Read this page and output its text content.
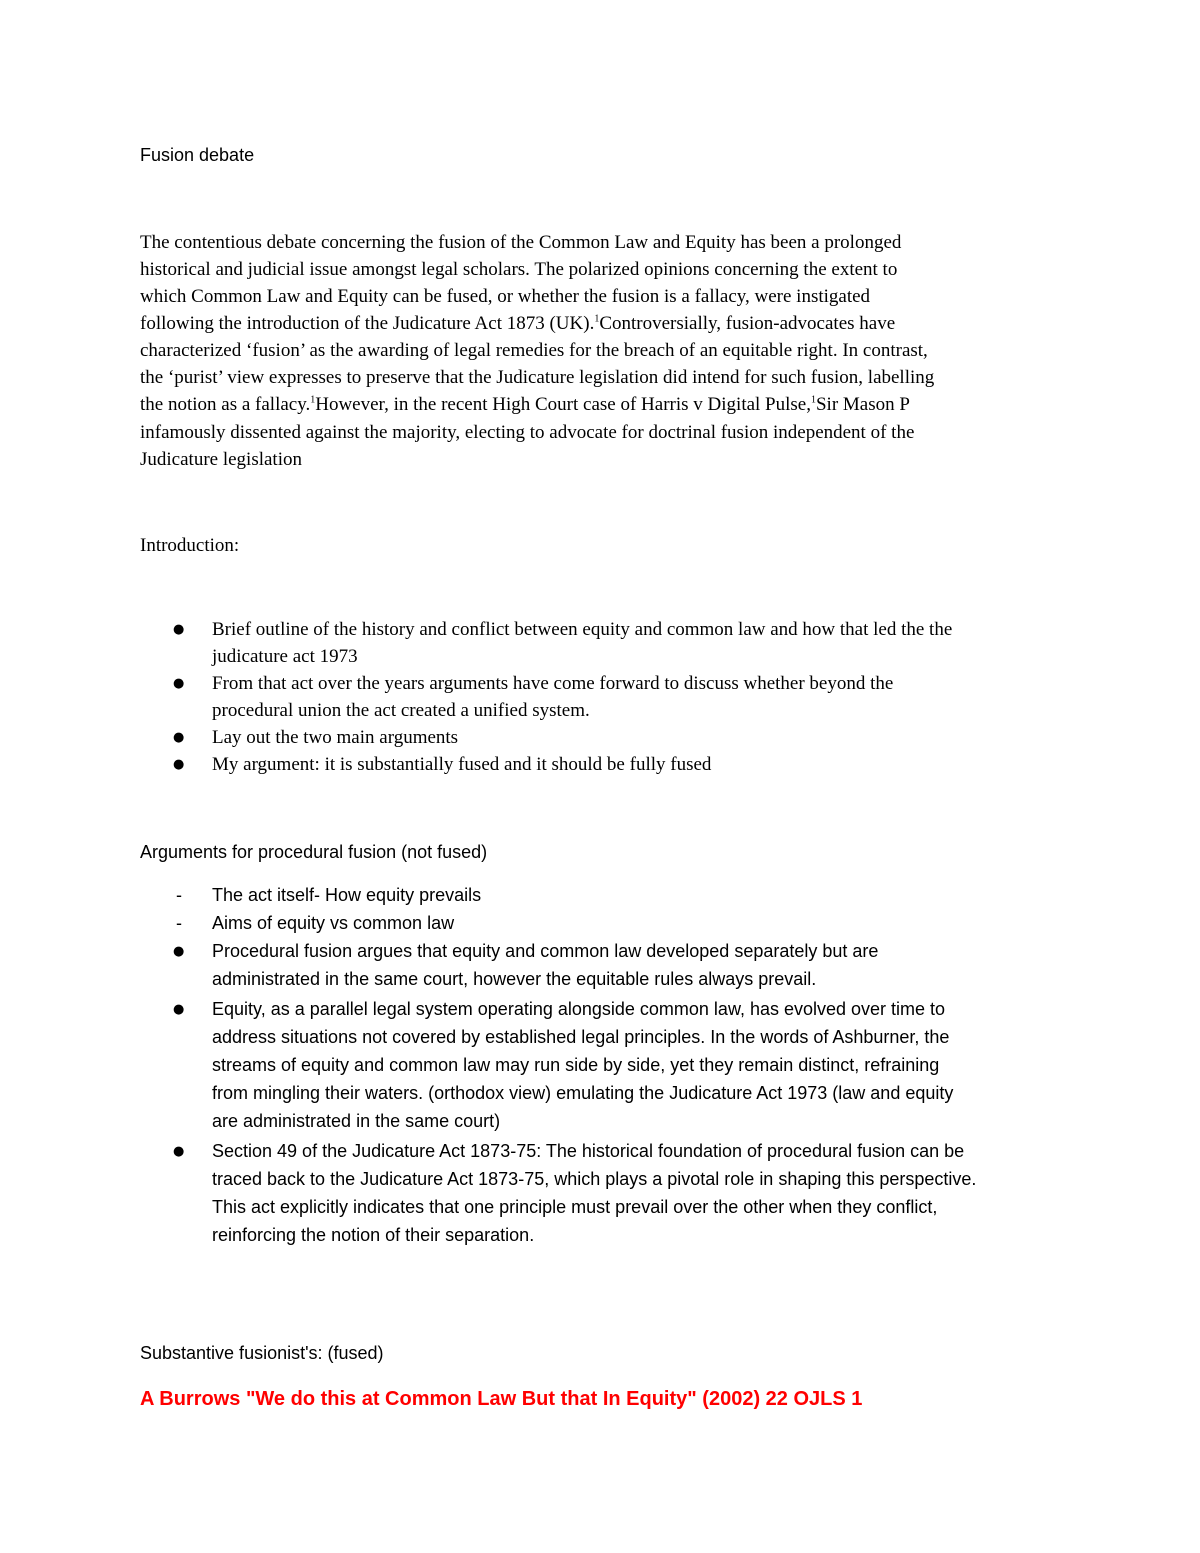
Fusion debate
The contentious debate concerning the fusion of the Common Law and Equity has been a prolonged
historical and judicial issue amongst legal scholars. The polarized opinions concerning the extent to
which Common Law and Equity can be fused, or whether the fusion is a fallacy, were instigated
following the introduction of the Judicature Act 1873 (UK).$^1$Controversially, fusion-advocates have
characterized ‘fusion’ as the awarding of legal remedies for the breach of an equitable right. In contrast,
the ‘purist’ view expresses to preserve that the Judicature legislation did intend for such fusion, labelling
the notion as a fallacy.$^1$However, in the recent High Court case of Harris v Digital Pulse,$^1$Sir Mason P
infamously dissented against the majority, electing to advocate for doctrinal fusion independent of the
Judicature legislation
Introduction:
● Brief outline of the history and conflict between equity and common law and how that led the the
judicature act 1973
● From that act over the years arguments have come forward to discuss whether beyond the
procedural union the act created a unified system.
● Lay out the two main arguments
● My argument: it is substantially fused and it should be fully fused
Arguments for procedural fusion (not fused)
- The act itself- How equity prevails
- Aims of equity vs common law
● Procedural fusion argues that equity and common law developed separately but are
administrated in the same court, however the equitable rules always prevail.
● Equity, as a parallel legal system operating alongside common law, has evolved over time to
address situations not covered by established legal principles. In the words of Ashburner, the
streams of equity and common law may run side by side, yet they remain distinct, refraining
from mingling their waters. (orthodox view) emulating the Judicature Act 1973 (law and equity
are administrated in the same court)
● Section 49 of the Judicature Act 1873-75: The historical foundation of procedural fusion can be
traced back to the Judicature Act 1873-75, which plays a pivotal role in shaping this perspective.
This act explicitly indicates that one principle must prevail over the other when they conflict,
reinforcing the notion of their separation.
Substantive fusionist's: (fused)
A Burrows "We do this at Common Law But that In Equity" (2002) 22 OJLS 1
